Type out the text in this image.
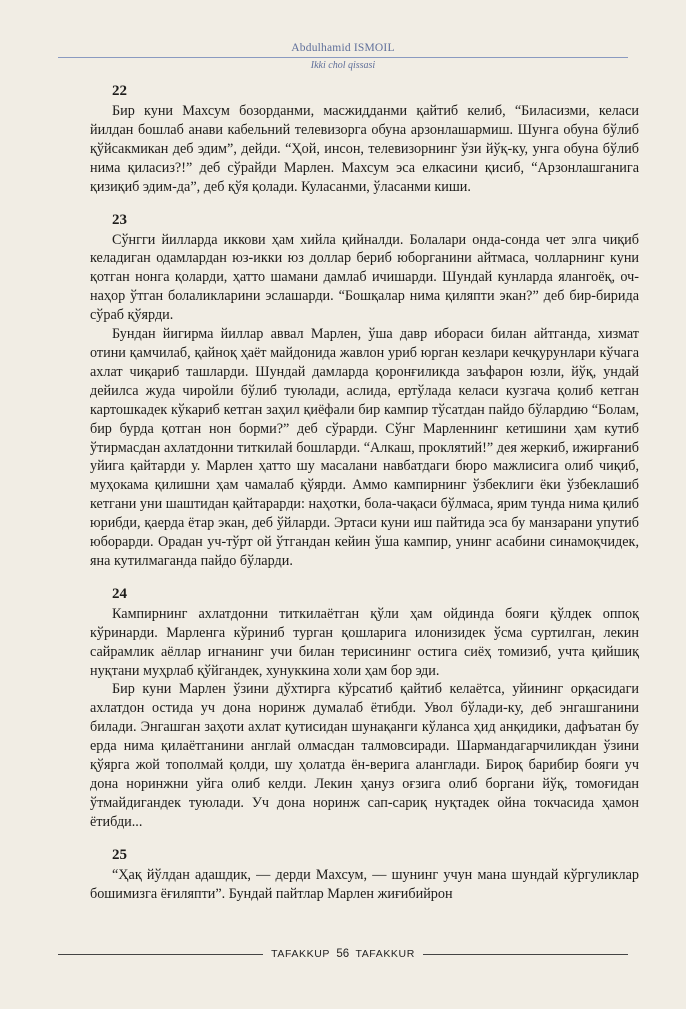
Abdulhamid ISMOIL
Ikki chol qissasi
22

Бир куни Махсум бозорданми, масжидданми қайтиб келиб, “Биласизми, келаси йилдан бошлаб анави кабельний телевизорга обуна арзонлашармиш. Шунга обуна бўлиб қўйсакмикан деб эдим”, дейди. “Ҳой, инсон, телевизорнинг ўзи йўқ-ку, унга обуна бўлиб нима қиласиз?!” деб сўрайди Марлен. Махсум эса елкасини қисиб, “Арзонлашганига қизиқиб эдим-да”, деб қўя қолади. Куласанми, ўласанми киши.

23

Сўнгги йилларда иккови ҳам хийла қийналди. Болалари онда-сонда чет элга чиқиб келадиган одамлардан юз-икки юз доллар бериб юборганини айтмаса, чолларнинг куни қотган нонга қоларди, ҳатто шамани дамлаб ичишарди. Шундай кунларда ялангоёқ, оч-наҳор ўтган болаликларини эслашарди. “Бошқалар нима қиляпти экан?” деб бир-бирида сўраб қўярди.

Бундан йигирма йиллар аввал Марлен, ўша давр ибораси билан айтганда, хизмат отини қамчилаб, қайноқ ҳаёт майдонида жавлон уриб юрган кезлари кечқурунлари кўчага ахлат чиқариб ташларди. Шундай дамларда қоронғиликда заъфарон юзли, йўқ, ундай дейилса жуда чиройли бўлиб туюлади, аслида, ертўлада келаси кузгача қолиб кетган картошкадек кўкариб кетган заҳил қиёфали бир кампир тўсатдан пайдо бўлардию “Болам, бир бурда қотган нон борми?” деб сўрарди. Сўнг Марленнинг кетишини ҳам кутиб ўтирмасдан ахлатдонни титкилай бошларди. “Алкаш, проклятий!” дея жеркиб, ижирғаниб уйига қайтарди у. Марлен ҳатто шу масалани навбатдаги бюро мажлисига олиб чиқиб, муҳокама қилишни ҳам чамалаб қўярди. Аммо кампирнинг ўзбеклиги ёки ўзбеклашиб кетгани уни шаштидан қайтарарди: наҳотки, бола-чақаси бўлмаса, ярим тунда нима қилиб юрибди, қаерда ётар экан, деб ўйларди. Эртаси куни иш пайтида эса бу манзарани упутиб юборарди. Орадан уч-тўрт ой ўтгандан кейин ўша кампир, унинг асабини синамоқчидек, яна кутилмаганда пайдо бўларди.

24

Кампирнинг ахлатдонни титкилаётган қўли ҳам ойдинда бояги қўлдек оппоқ кўринарди. Марленга кўриниб турган қошларига илонизидек ўсма суртилган, лекин сайрамлик аёллар игнанинг учи билан терисининг остига сиёҳ томизиб, учта қийшиқ нуқтани муҳрлаб қўйгандек, хунуккина холи ҳам бор эди.

Бир куни Марлен ўзини дўхтирга кўрсатиб қайтиб келаётса, уйининг орқасидаги ахлатдон остида уч дона норинж думалаб ётибди. Увол бўлади-ку, деб энгашганини билади. Энгашган заҳоти ахлат қутисидан шунақанги кўланса ҳид анқидики, дафъатан бу ерда нима қилаётганини англай олмасдан талмовсиради. Шармандагарчиликдан ўзини қўярга жой тополмай қолди, шу ҳолатда ён-верига аланглади. Бироқ барибир бояги уч дона норинжни уйга олиб келди. Лекин ҳануз оғзига олиб боргани йўқ, томоғидан ўтмайдигандек туюлади. Уч дона норинж сап-сариқ нуқтадек ойна токчасида ҳамон ётибди...

25

“Ҳақ йўлдан адашдик, — дерди Махсум, — шунинг учун мана шундай кўргуликлар бошимизга ёғиляпти”. Бундай пайтлар Марлен жиғибийрон

TAFAKKUP 56 TAFAKKUR
